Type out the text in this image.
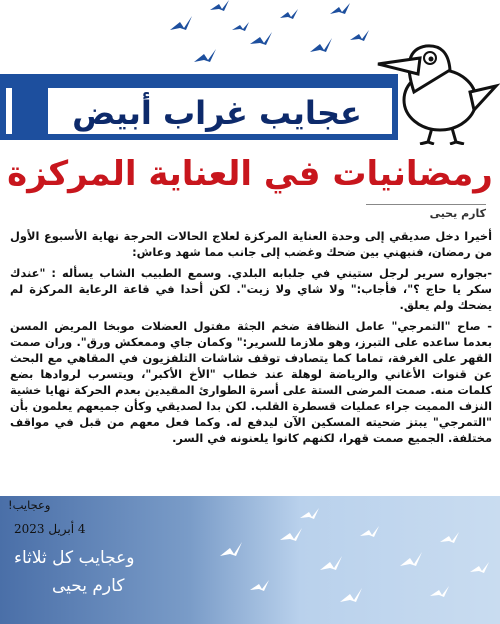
عجايب غراب أبيض
رمضانيات في العناية المركزة
كارم يحيى

أخيرا دخل صديقي إلى وحدة العناية المركزة لعلاج الحالات الحرجة نهاية الأسبوع الأول من رمضان، فنبهني بين ضحك وغضب إلى جانب مما شهد وعاش:

-بجواره سرير لرجل ستيني في جلبابه البلدي. وسمع الطبيب الشاب يسأله : "عندك سكر يا حاج ؟"، فأجاب:" ولا شاي ولا زيت". لكن أحدا في قاعة الرعاية المركزة لم يضحك ولم يعلق.

- صاح "التمرجي" عامل النظافة ضخم الجثة مفتول العضلات موبخا المريض المسن بعدما ساعده على التبرز، وهو ملازما للسرير:" وكمان جاي وممعكش ورق". وران صمت القهر على الغرفة، تماما كما يتصادف توقف شاشات التلفزيون في المقاهي مع البحث عن قنوات الأغاني والرياضة لوهلة عند خطاب "الأخ الأكبر"، ويتسرب لروادها بضع كلمات منه. صمت المرضى الستة على أسرة الطوارئ المقيدين بعدم الحركة نهايا خشية النزف المميت جراء عمليات قسطرة القلب. لكن بدا لصديقي وكأن جميعهم يعلمون بأن "التمرجي" يبتز ضحيته المسكين الآن ليدفع له. وكما فعل معهم من قبل في مواقف مختلفة. الجميع صمت قهرا، لكنهم كانوا يلعنونه في السر.

وعجايب!
4 أبريل 2023
وعجايب كل ثلاثاء
كارم يحيى
